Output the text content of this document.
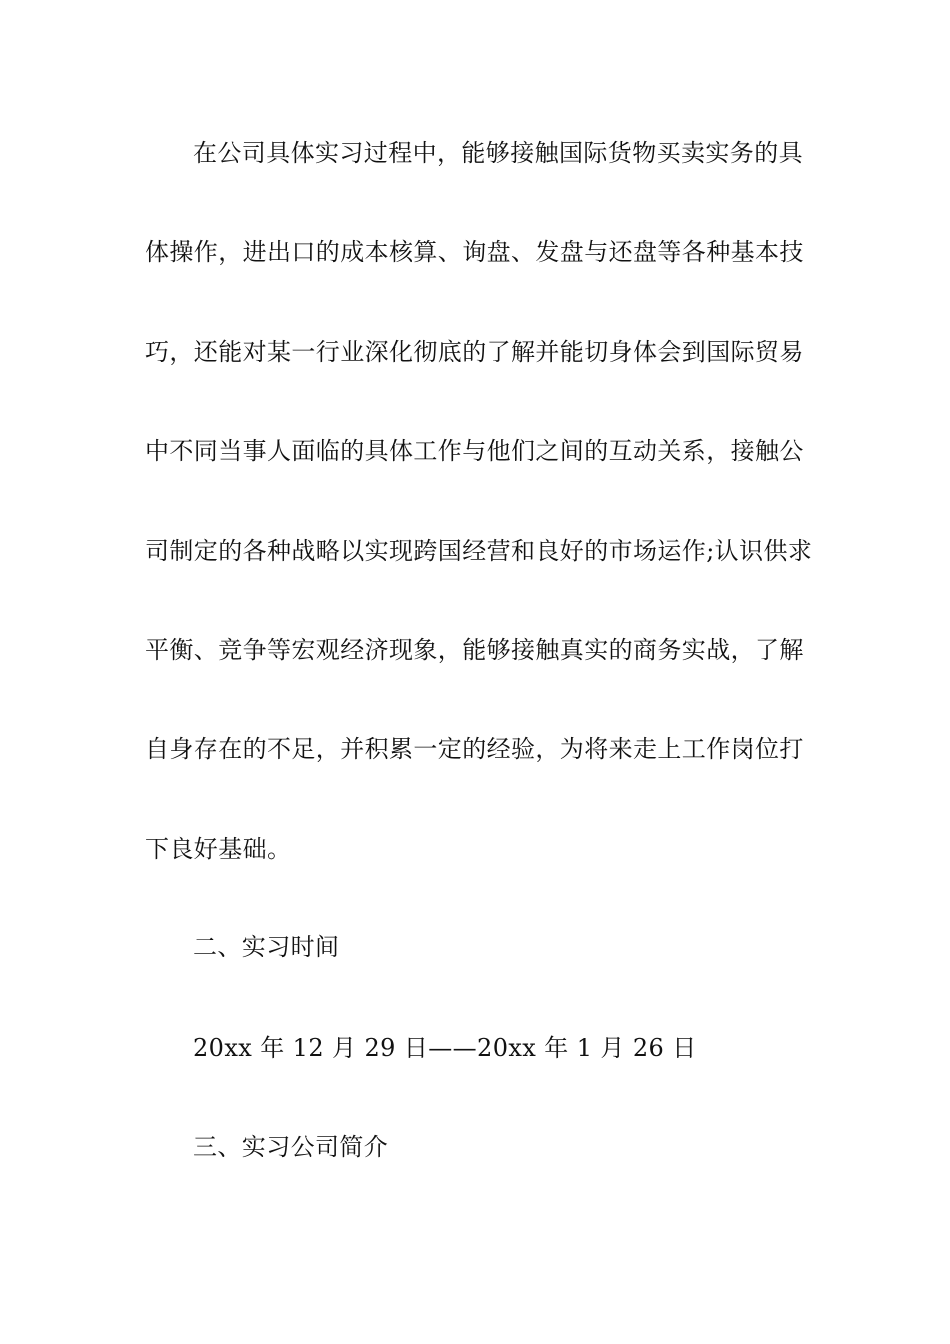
在公司具体实习过程中，能够接触国际货物买卖实务的具
体操作，进出口的成本核算、询盘、发盘与还盘等各种基本技
巧，还能对某一行业深化彻底的了解并能切身体会到国际贸易
中不同当事人面临的具体工作与他们之间的互动关系，接触公
司制定的各种战略以实现跨国经营和良好的市场运作;认识供求
平衡、竞争等宏观经济现象，能够接触真实的商务实战，了解
自身存在的不足，并积累一定的经验，为将来走上工作岗位打
下良好基础。
二、实习时间
20xx 年 12 月 29 日——20xx 年 1 月 26 日
三、实习公司简介
